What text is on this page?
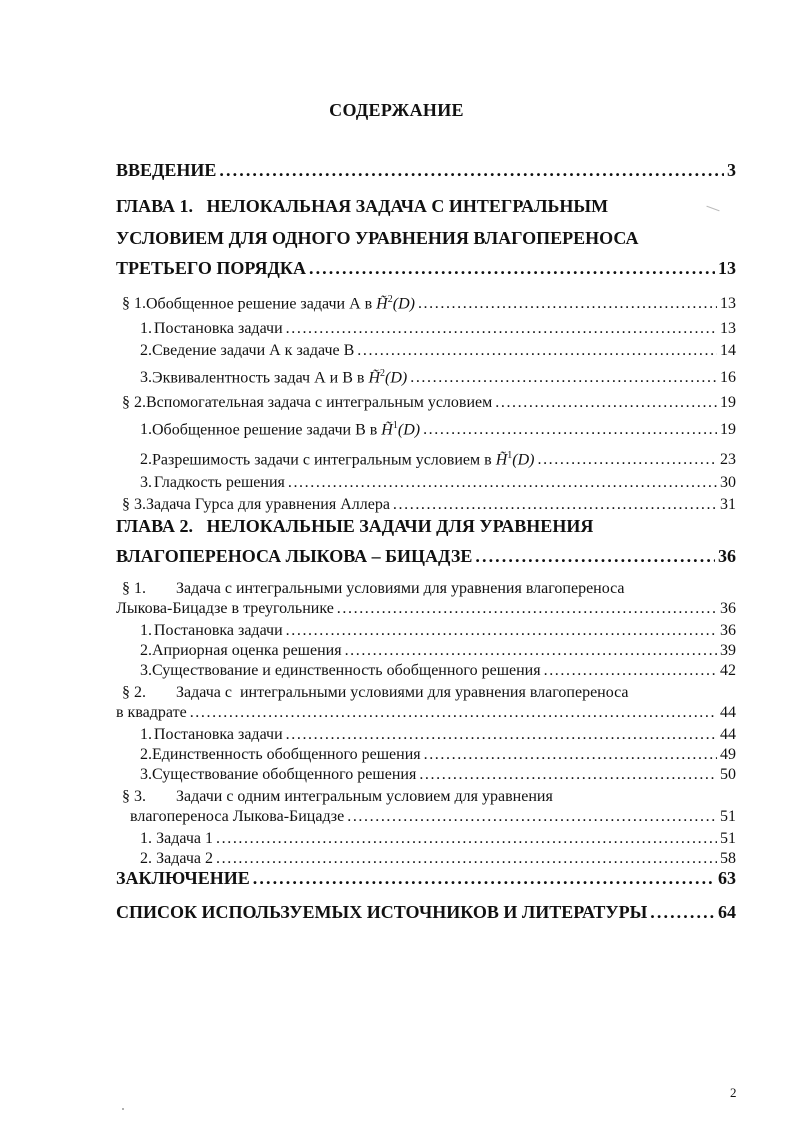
СОДЕРЖАНИЕ
ВВЕДЕНИЕ . . .	3
ГЛАВА 1.   НЕЛОКАЛЬНАЯ ЗАДАЧА С ИНТЕГРАЛЬНЫМ
УСЛОВИЕМ ДЛЯ ОДНОГО УРАВНЕНИЯ ВЛАГОПЕРЕНОСА
ТРЕТЬЕГО ПОРЯДКА . . .	13
§ 1. Обобщенное решение задачи А в H̃$^2$(D) . . .	13
1. Постановка задачи . . .	13
2. Сведение задачи А к задаче В . . .	14
3. Эквивалентность задач А и В в H̃$^2$(D) . . .	16
§ 2. Вспомогательная задача с интегральным условием . . .	19
1. Обобщенное решение задачи В в H̃$^1$(D) . . .	19
2. Разрешимость задачи с интегральным условием в H̃$^1$(D) . . .	23
3. Гладкость решения . . .	30
§ 3. Задача Гурса для уравнения Аллера . . .	31
ГЛАВА 2.   НЕЛОКАЛЬНЫЕ ЗАДАЧИ ДЛЯ УРАВНЕНИЯ
ВЛАГОПЕРЕНОСА ЛЫКОВА – БИЦАДЗЕ . . .	36
§ 1.	Задача с интегральными условиями для уравнения влагопереноса
Лыкова-Бицадзе в треугольнике . . .	36
1. Постановка задачи . . .	36
2. Априорная оценка решения . . .	39
3. Существование и единственность обобщенного решения . . .	42
§ 2.	Задача с  интегральными условиями для уравнения влагопереноса
в квадрате . . .	44
1. Постановка задачи . . .	44
2. Единственность обобщенного решения . . .	49
3. Существование обобщенного решения . . .	50
§ 3.	Задачи с одним интегральным условием для уравнения
влагопереноса Лыкова-Бицадзе . . .	51
1. Задача 1 . . .	51
2. Задача 2 . . .	58
ЗАКЛЮЧЕНИЕ . . .	63
СПИСОК ИСПОЛЬЗУЕМЫХ ИСТОЧНИКОВ И ЛИТЕРАТУРЫ . . .	64
2
